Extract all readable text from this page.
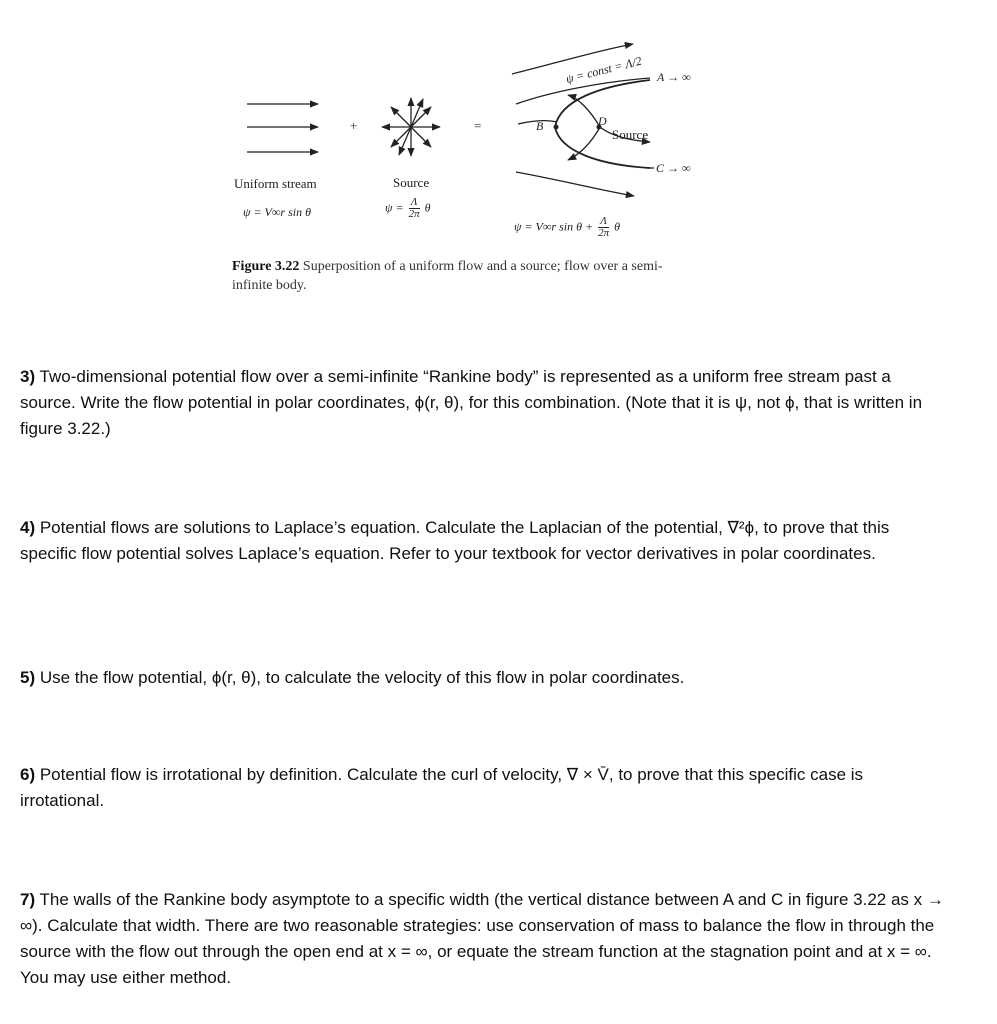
+	=
Uniform stream	Source
Source
ψ = const = Λ/2 A → ∞
C → ∞
B	D
ψ = V∞r sin θ	$\psi = \frac{\Lambda}{2\pi}$ θ
ψ = V∞r $\sin \theta + \frac{\Lambda}{2\pi}$ θ
Figure 3.22 Superposition of a uniform flow and a source; flow over a semi-infinite body.
3) Two-dimensional potential flow over a semi-infinite “Rankine body” is represented as a uniform free stream past a source. Write the flow potential in polar coordinates, ϕ(r, θ), for this combination. (Note that it is ψ, not ϕ, that is written in figure 3.22.)
4) Potential flows are solutions to Laplace’s equation. Calculate the Laplacian of the potential, ∇²ϕ, to prove that this specific flow potential solves Laplace’s equation. Refer to your textbook for vector derivatives in polar coordinates.
5) Use the flow potential, ϕ(r, θ), to calculate the velocity of this flow in polar coordinates.
6) Potential flow is irrotational by definition. Calculate the curl of velocity, ∇ × V̄, to prove that this specific case is irrotational.
7) The walls of the Rankine body asymptote to a specific width (the vertical distance between A and C in figure 3.22 as x → ∞). Calculate that width. There are two reasonable strategies: use conservation of mass to balance the flow in through the source with the flow out through the open end at x = ∞, or equate the stream function at the stagnation point and at x = ∞. You may use either method.
